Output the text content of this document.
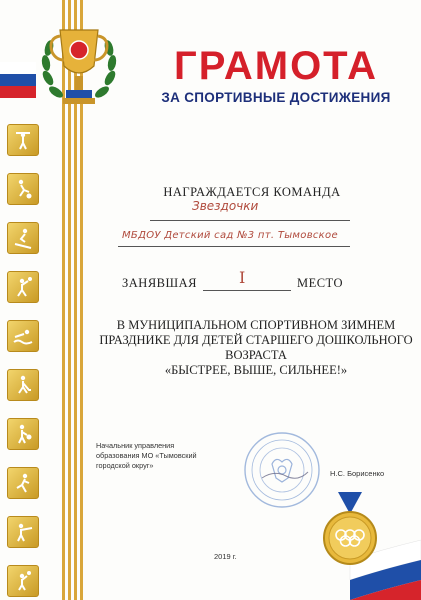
ГРАМОТА
ЗА СПОРТИВНЫЕ ДОСТИЖЕНИЯ
НАГРАЖДАЕТСЯ КОМАНДА
Звездочки
МБДОУ Детский сад №3 пт. Тымовское
ЗАНЯВШАЯ	I	МЕСТО
В МУНИЦИПАЛЬНОМ СПОРТИВНОМ ЗИМНЕМ
ПРАЗДНИКЕ ДЛЯ ДЕТЕЙ СТАРШЕГО ДОШКОЛЬНОГО
ВОЗРАСТА
«БЫСТРЕЕ, ВЫШЕ, СИЛЬНЕЕ!»
Начальник управления
образования МО «Тымовский
городской округ»
Н.С. Борисенко
2019 г.
